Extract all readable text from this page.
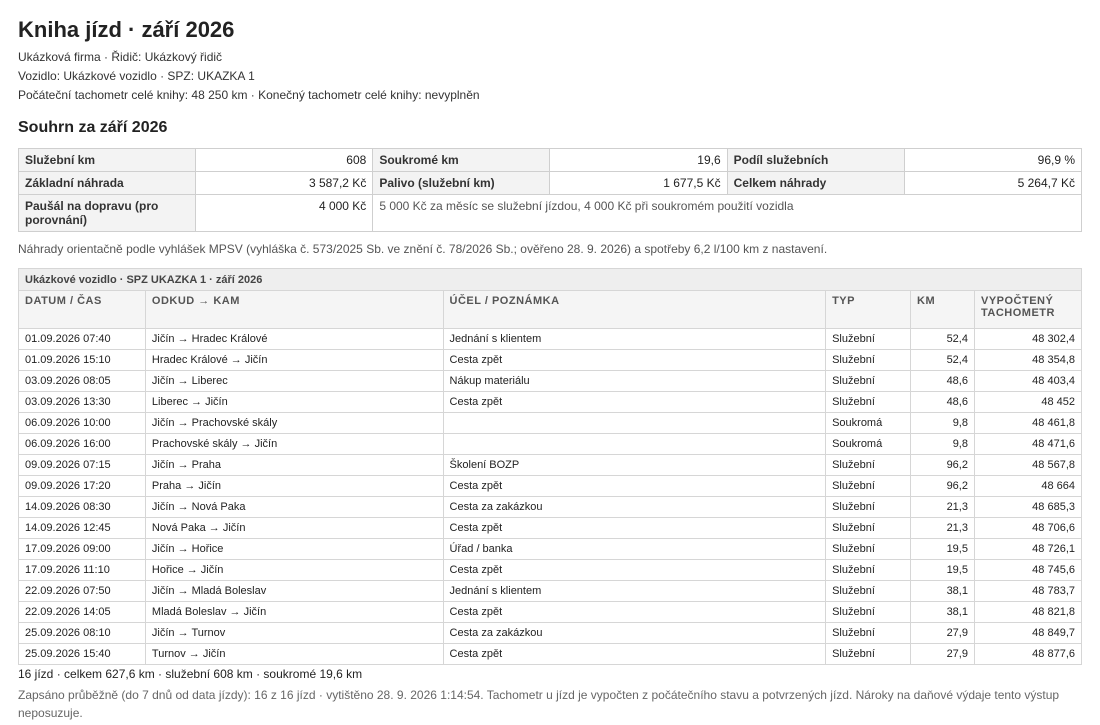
Kniha jízd · září 2026
Ukázková firma · Řidič: Ukázkový řidič
Vozidlo: Ukázkové vozidlo · SPZ: UKAZKA 1
Počáteční tachometr celé knihy: 48 250 km · Konečný tachometr celé knihy: nevyplněn
Souhrn za září 2026
Služební km	608	Soukromé km	19,6	Podíl služebních	96,9 %
Základní náhrada	3 587,2 Kč	Palivo (služební km)	1 677,5 Kč	Celkem náhrady	5 264,7 Kč
Paušál na dopravu (pro porovnání)	4 000 Kč	5 000 Kč za měsíc se služební jízdou, 4 000 Kč při soukromém použití vozidla			
Náhrady orientačně podle vyhlášek MPSV (vyhláška č. 573/2025 Sb. ve znění č. 78/2026 Sb.; ověřeno 28. 9. 2026) a spotřeby 6,2 l/100 km z nastavení.
Ukázkové vozidlo · SPZ UKAZKA 1 · září 2026					
DATUM / ČAS	ODKUD → KAM	ÚČEL / POZNÁMKA	TYP	KM	VYPOČTENÝ TACHOMETR
01.09.2026 07:40	Jičín → Hradec Králové	Jednání s klientem	Služební	52,4	48 302,4
01.09.2026 15:10	Hradec Králové → Jičín	Cesta zpět	Služební	52,4	48 354,8
03.09.2026 08:05	Jičín → Liberec	Nákup materiálu	Služební	48,6	48 403,4
03.09.2026 13:30	Liberec → Jičín	Cesta zpět	Služební	48,6	48 452
06.09.2026 10:00	Jičín → Prachovské skály		Soukromá	9,8	48 461,8
06.09.2026 16:00	Prachovské skály → Jičín		Soukromá	9,8	48 471,6
09.09.2026 07:15	Jičín → Praha	Školení BOZP	Služební	96,2	48 567,8
09.09.2026 17:20	Praha → Jičín	Cesta zpět	Služební	96,2	48 664
14.09.2026 08:30	Jičín → Nová Paka	Cesta za zakázkou	Služební	21,3	48 685,3
14.09.2026 12:45	Nová Paka → Jičín	Cesta zpět	Služební	21,3	48 706,6
17.09.2026 09:00	Jičín → Hořice	Úřad / banka	Služební	19,5	48 726,1
17.09.2026 11:10	Hořice → Jičín	Cesta zpět	Služební	19,5	48 745,6
22.09.2026 07:50	Jičín → Mladá Boleslav	Jednání s klientem	Služební	38,1	48 783,7
22.09.2026 14:05	Mladá Boleslav → Jičín	Cesta zpět	Služební	38,1	48 821,8
25.09.2026 08:10	Jičín → Turnov	Cesta za zakázkou	Služební	27,9	48 849,7
25.09.2026 15:40	Turnov → Jičín	Cesta zpět	Služební	27,9	48 877,6
16 jízd · celkem 627,6 km · služební 608 km · soukromé 19,6 km
Zapsáno průběžně (do 7 dnů od data jízdy): 16 z 16 jízd · vytištěno 28. 9. 2026 1:14:54. Tachometr u jízd je vypočten z počátečního stavu a potvrzených jízd. Nároky na daňové výdaje tento výstup neposuzuje.
